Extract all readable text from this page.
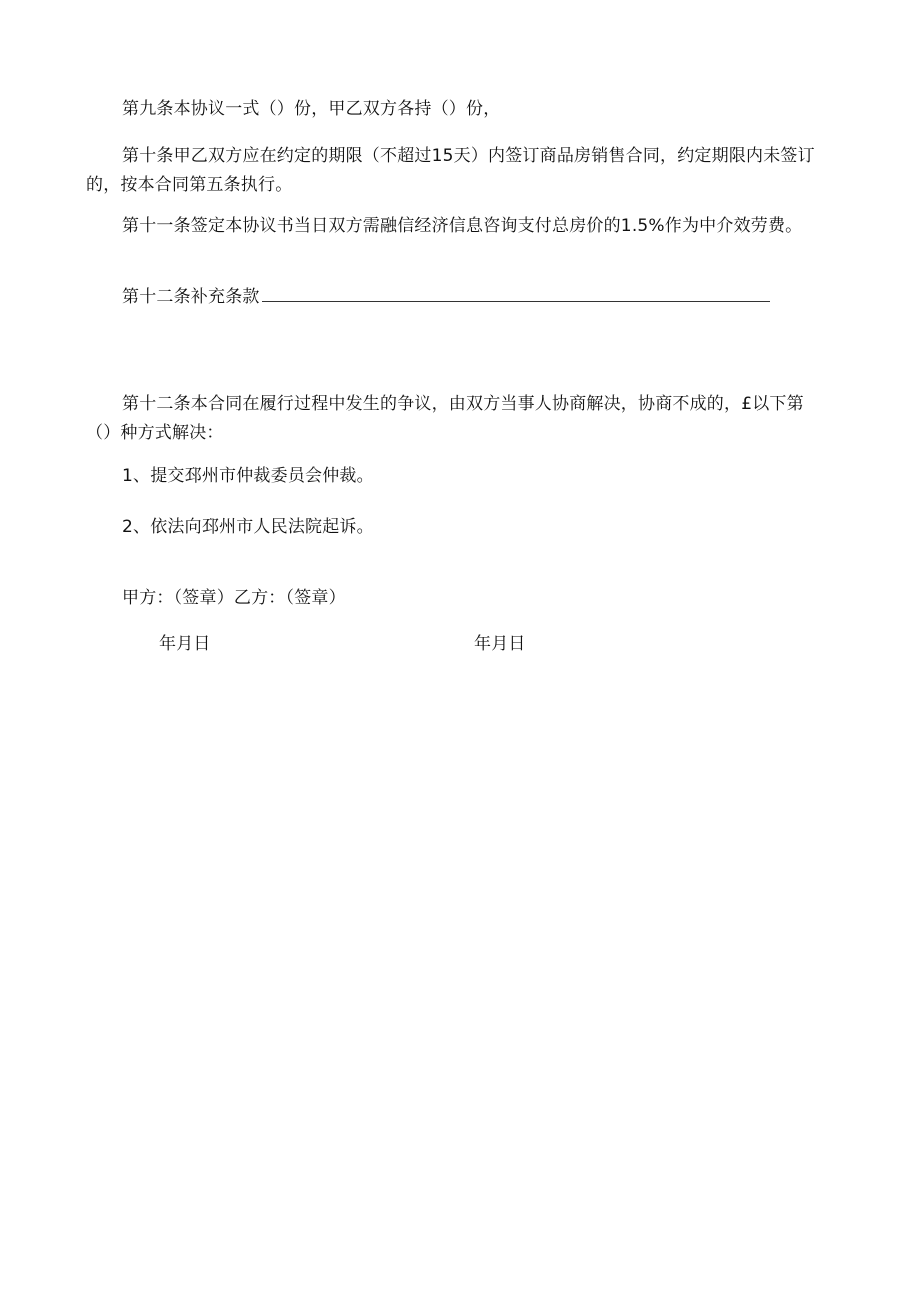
第九条本协议一式（）份，甲乙双方各持（）份，

第十条甲乙双方应在约定的期限（不超过15天）内签订商品房销售合同，约定期限内未签订的，按本合同第五条执行。

第十一条签定本协议书当日双方需融信经济信息咨询支付总房价的1.5%作为中介效劳费。

第十二条补充条款

第十二条本合同在履行过程中发生的争议，由双方当事人协商解决，协商不成的，£以下第（）种方式解决：

1、提交邳州市仲裁委员会仲裁。

2、依法向邳州市人民法院起诉。

甲方：（签章）乙方：（签章）

年月日	年月日
